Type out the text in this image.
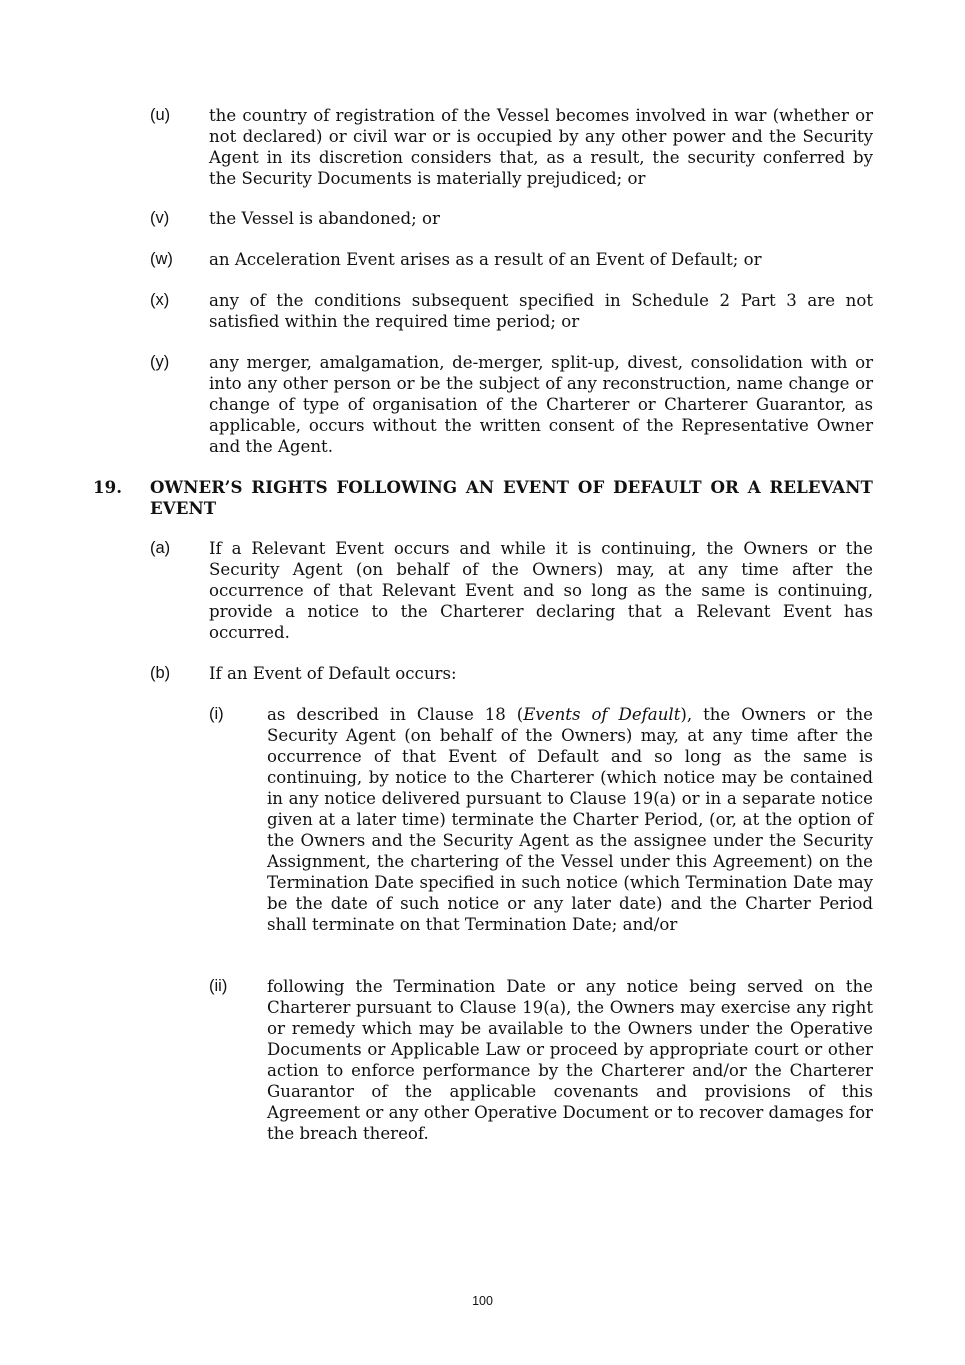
(u) the country of registration of the Vessel becomes involved in war (whether or not declared) or civil war or is occupied by any other power and the Security Agent in its discretion considers that, as a result, the security conferred by the Security Documents is materially prejudiced; or
(v) the Vessel is abandoned; or
(w) an Acceleration Event arises as a result of an Event of Default; or
(x) any of the conditions subsequent specified in Schedule 2 Part 3 are not satisfied within the required time period; or
(y) any merger, amalgamation, de-merger, split-up, divest, consolidation with or into any other person or be the subject of any reconstruction, name change or change of type of organisation of the Charterer or Charterer Guarantor, as applicable, occurs without the written consent of the Representative Owner and the Agent.
19. OWNER’S RIGHTS FOLLOWING AN EVENT OF DEFAULT OR A RELEVANT EVENT
(a) If a Relevant Event occurs and while it is continuing, the Owners or the Security Agent (on behalf of the Owners) may, at any time after the occurrence of that Relevant Event and so long as the same is continuing, provide a notice to the Charterer declaring that a Relevant Event has occurred.
(b) If an Event of Default occurs:
(i)	as described in Clause 18 (Events of Default), the Owners or the Security Agent (on behalf of the Owners) may, at any time after the occurrence of that Event of Default and so long as the same is continuing, by notice to the Charterer (which notice may be contained in any notice delivered pursuant to Clause 19(a) or in a separate notice given at a later time) terminate the Charter Period, (or, at the option of the Owners and the Security Agent as the assignee under the Security Assignment, the chartering of the Vessel under this Agreement) on the Termination Date specified in such notice (which Termination Date may be the date of such notice or any later date) and the Charter Period shall terminate on that Termination Date; and/or
(ii) following the Termination Date or any notice being served on the Charterer pursuant to Clause 19(a), the Owners may exercise any right or remedy which may be available to the Owners under the Operative Documents or Applicable Law or proceed by appropriate court or other action to enforce performance by the Charterer and/or the Charterer Guarantor of the applicable covenants and provisions of this Agreement or any other Operative Document or to recover damages for the breach thereof.
100
